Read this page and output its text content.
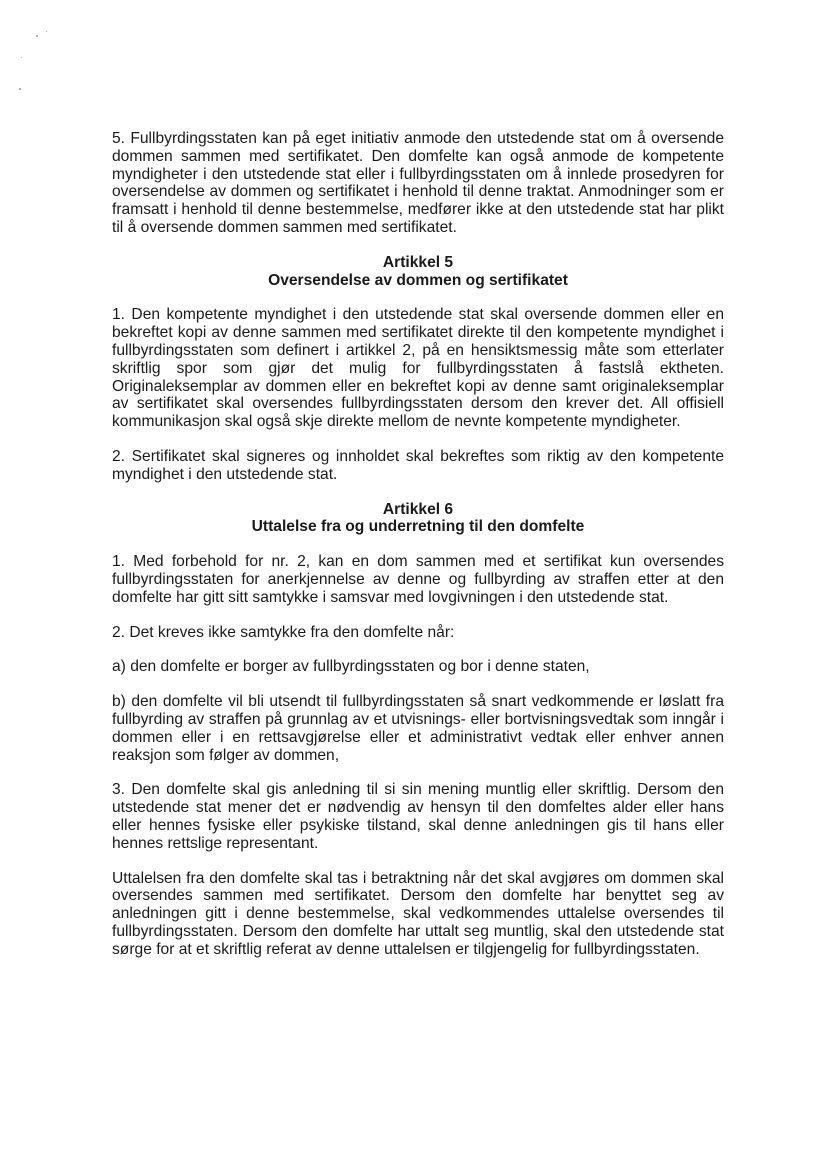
5. Fullbyrdingsstaten kan på eget initiativ anmode den utstedende stat om å oversende dommen sammen med sertifikatet. Den domfelte kan også anmode de kompetente myndigheter i den utstedende stat eller i fullbyrdingsstaten om å innlede prosedyren for oversendelse av dommen og sertifikatet i henhold til denne traktat. Anmodninger som er framsatt i henhold til denne bestemmelse, medfører ikke at den utstedende stat har plikt til å oversende dommen sammen med sertifikatet.

Artikkel 5
Oversendelse av dommen og sertifikatet

1. Den kompetente myndighet i den utstedende stat skal oversende dommen eller en bekreftet kopi av denne sammen med sertifikatet direkte til den kompetente myndighet i fullbyrdingsstaten som definert i artikkel 2, på en hensiktsmessig måte som etterlater skriftlig spor som gjør det mulig for fullbyrdingsstaten å fastslå ektheten. Originaleksemplar av dommen eller en bekreftet kopi av denne samt originaleksemplar av sertifikatet skal oversendes fullbyrdingsstaten dersom den krever det. All offisiell kommunikasjon skal også skje direkte mellom de nevnte kompetente myndigheter.

2. Sertifikatet skal signeres og innholdet skal bekreftes som riktig av den kompetente myndighet i den utstedende stat.

Artikkel 6
Uttalelse fra og underretning til den domfelte

1. Med forbehold for nr. 2, kan en dom sammen med et sertifikat kun oversendes fullbyrdingsstaten for anerkjennelse av denne og fullbyrding av straffen etter at den domfelte har gitt sitt samtykke i samsvar med lovgivningen i den utstedende stat.

2. Det kreves ikke samtykke fra den domfelte når:

a) den domfelte er borger av fullbyrdingsstaten og bor i denne staten,

b) den domfelte vil bli utsendt til fullbyrdingsstaten så snart vedkommende er løslatt fra fullbyrding av straffen på grunnlag av et utvisnings- eller bortvisningsvedtak som inngår i dommen eller i en rettsavgjørelse eller et administrativt vedtak eller enhver annen reaksjon som følger av dommen,

3. Den domfelte skal gis anledning til si sin mening muntlig eller skriftlig. Dersom den utstedende stat mener det er nødvendig av hensyn til den domfeltes alder eller hans eller hennes fysiske eller psykiske tilstand, skal denne anledningen gis til hans eller hennes rettslige representant.

Uttalelsen fra den domfelte skal tas i betraktning når det skal avgjøres om dommen skal oversendes sammen med sertifikatet. Dersom den domfelte har benyttet seg av anledningen gitt i denne bestemmelse, skal vedkommendes uttalelse oversendes til fullbyrdingsstaten. Dersom den domfelte har uttalt seg muntlig, skal den utstedende stat sørge for at et skriftlig referat av denne uttalelsen er tilgjengelig for fullbyrdingsstaten.
